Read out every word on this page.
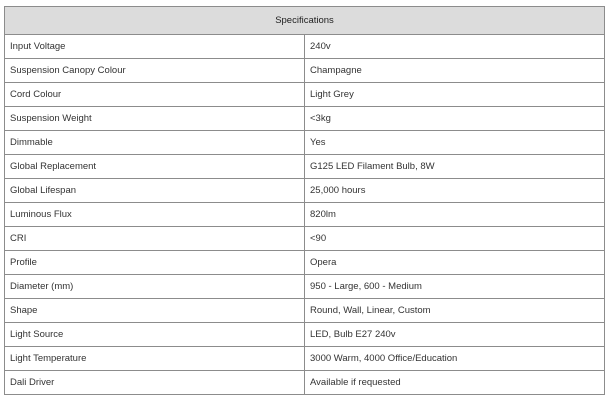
Specifications	
Input Voltage	240v
Suspension Canopy Colour	Champagne
Cord Colour	Light Grey
Suspension Weight	<3kg
Dimmable	Yes
Global Replacement	G125 LED Filament Bulb, 8W
Global Lifespan	25,000 hours
Luminous Flux	820lm
CRI	<90
Profile	Opera
Diameter (mm)	950 - Large, 600 - Medium
Shape	Round, Wall, Linear, Custom
Light Source	LED, Bulb E27 240v
Light Temperature	3000 Warm, 4000 Office/Education
Dali Driver	Available if requested
